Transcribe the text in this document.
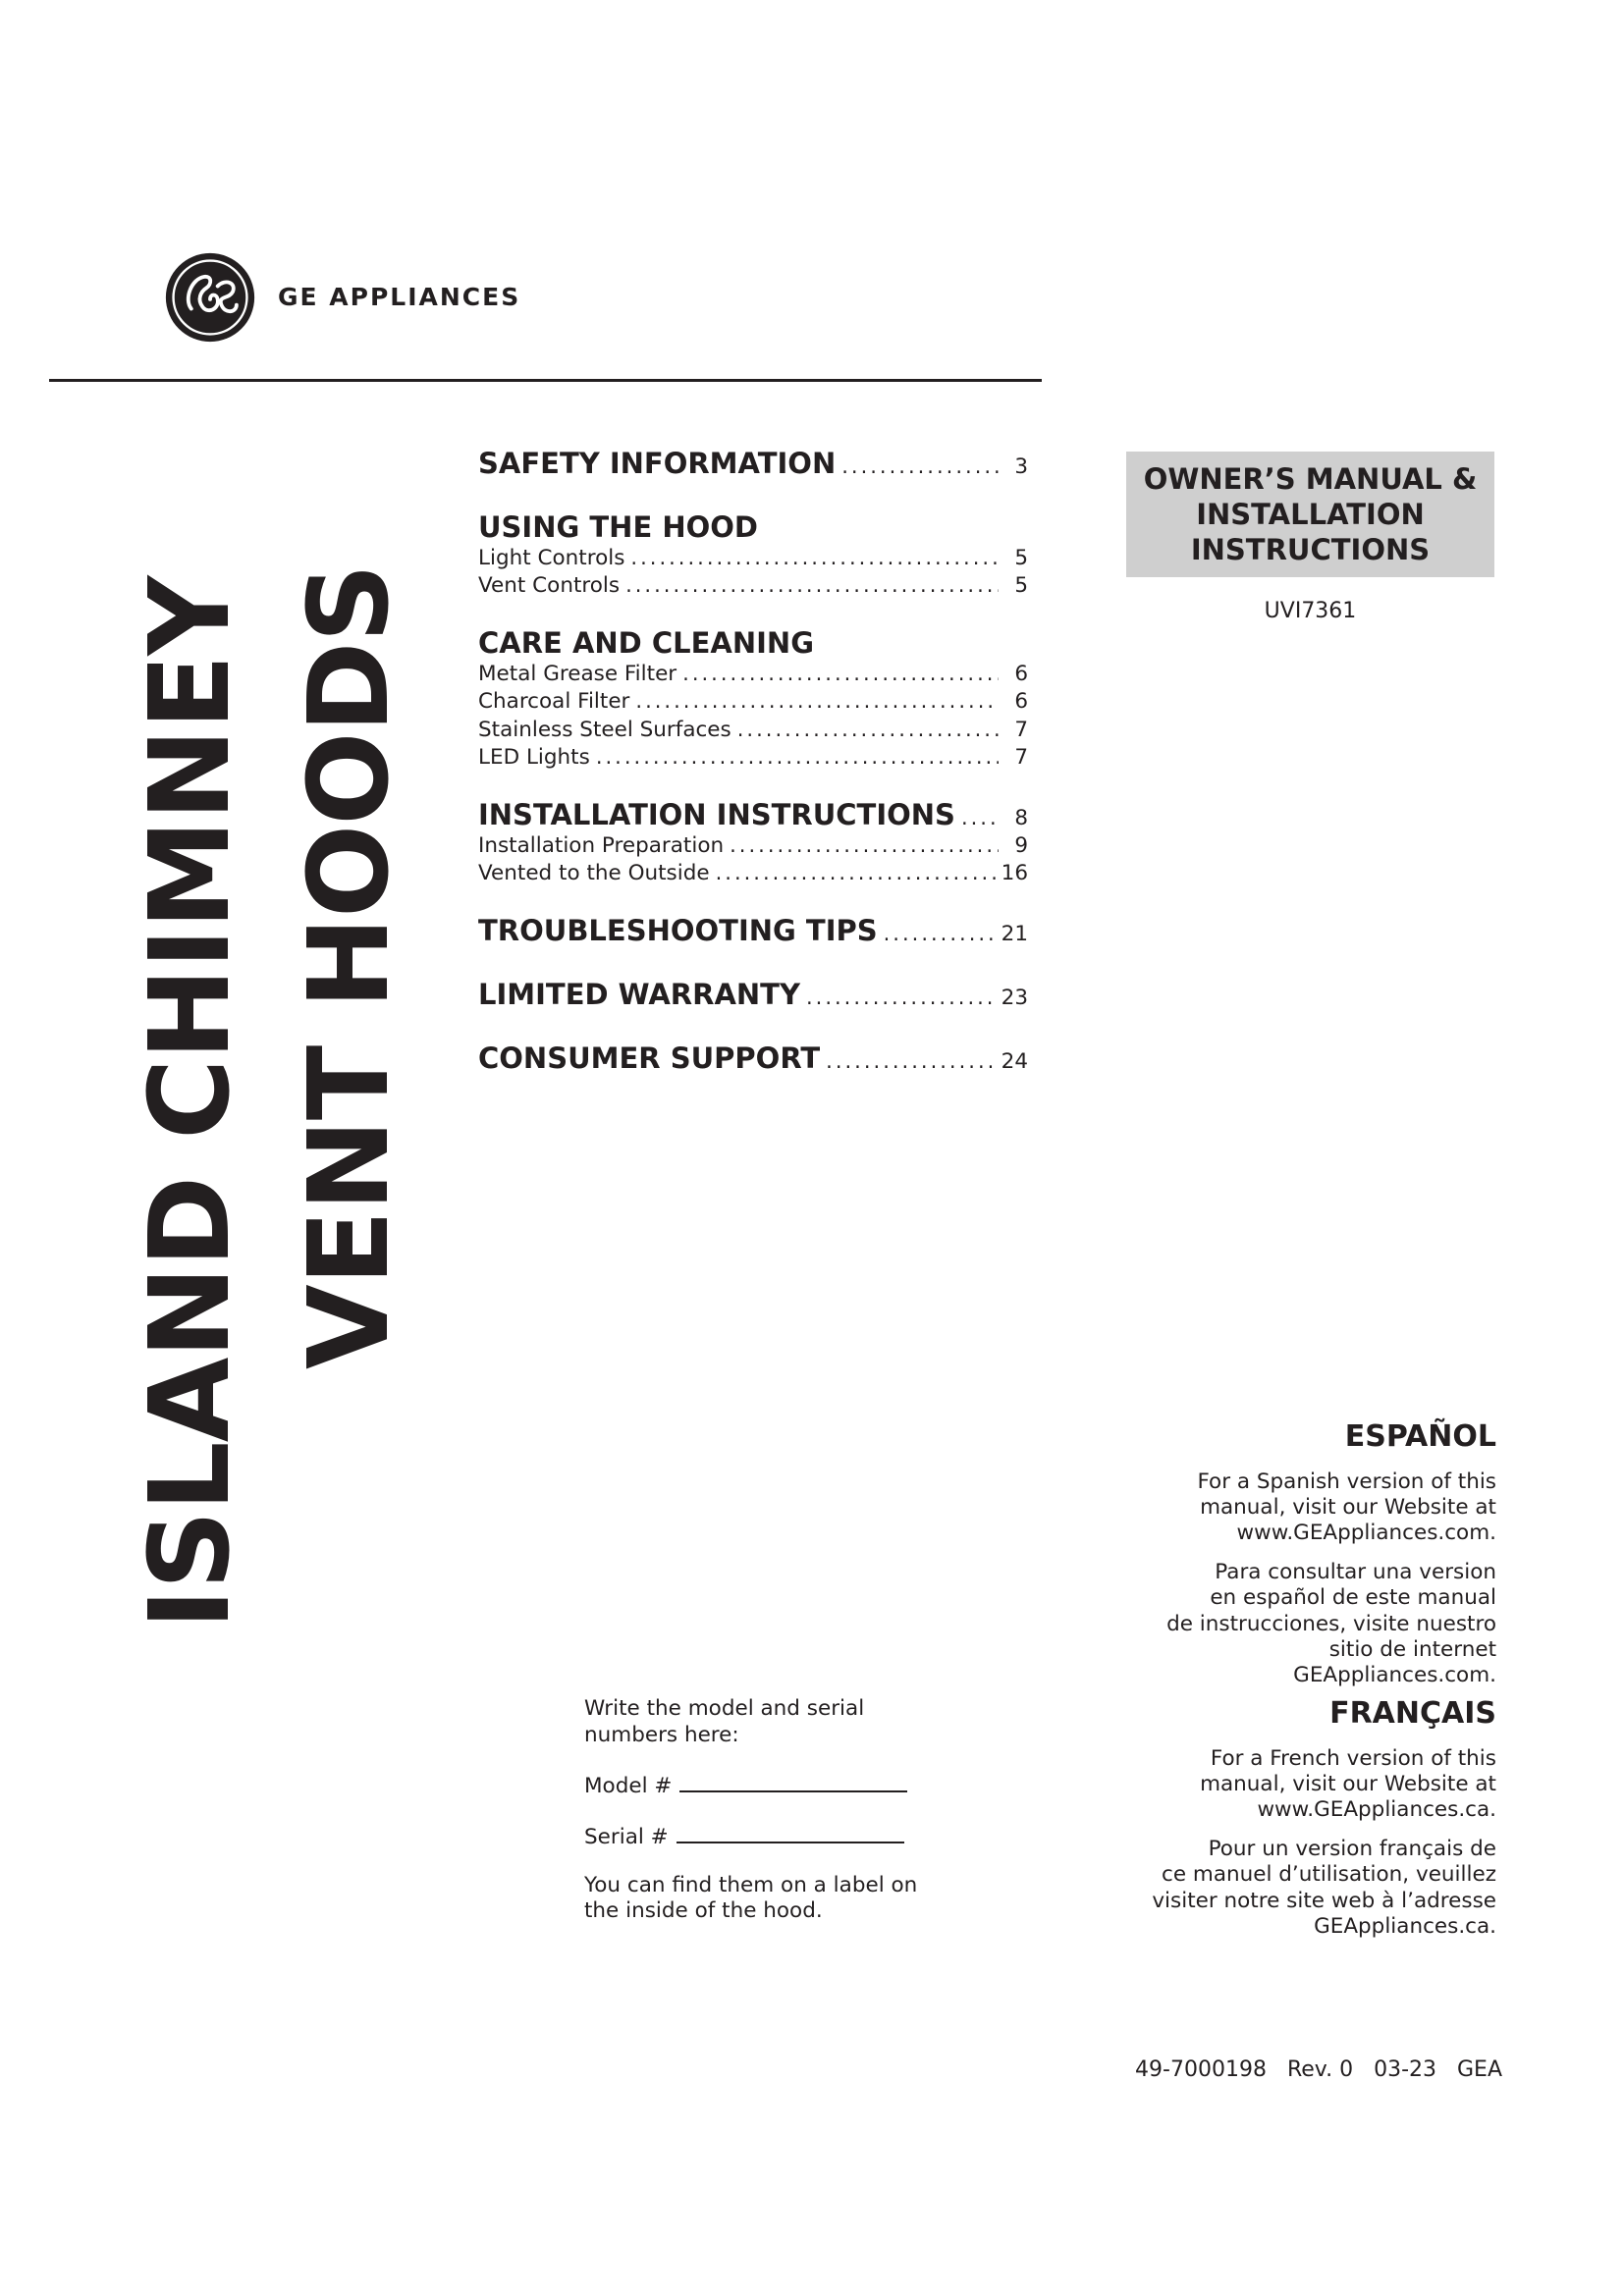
GE APPLIANCES
ISLAND CHIMNEY VENT HOODS
SAFETY INFORMATION .....	3
USING THE HOOD
Light Controls .....	5
Vent Controls .....	5
CARE AND CLEANING
Metal Grease Filter .....	6
Charcoal Filter .....	6
Stainless Steel Surfaces .....	7
LED Lights .....	7
INSTALLATION INSTRUCTIONS .....	8
Installation Preparation .....	9
Vented to the Outside .....	16
TROUBLESHOOTING TIPS .....	21
LIMITED WARRANTY .....	23
CONSUMER SUPPORT .....	24
OWNER’S MANUAL &
INSTALLATION
INSTRUCTIONS
UVI7361
ESPAÑOL
For a Spanish version of this
manual, visit our Website at
www.GEAppliances.com.
Para consultar una version
en español de este manual
de instrucciones, visite nuestro
sitio de internet
GEAppliances.com.
FRANÇAIS
For a French version of this
manual, visit our Website at
www.GEAppliances.ca.
Pour un version français de
ce manuel d’utilisation, veuillez
visiter notre site web à l’adresse
GEAppliances.ca.

Write the model and serial
numbers here:

Model #

Serial #

You can find them on a label on
the inside of the hood.

49-7000198 Rev. 0 03-23 GEA
